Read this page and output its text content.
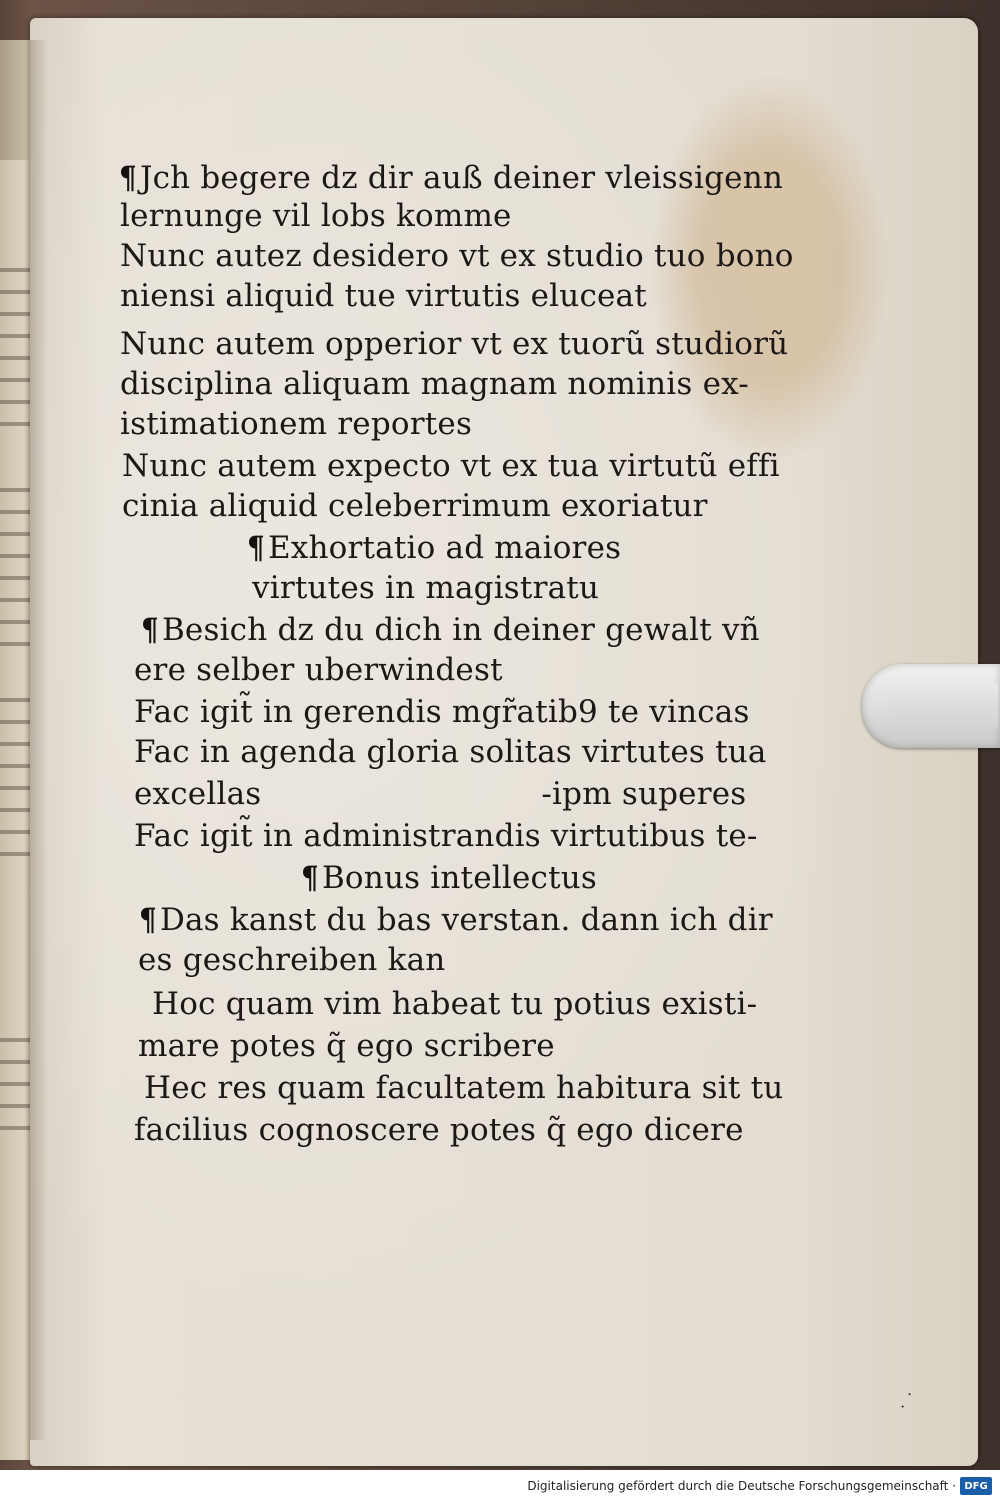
¶Jch begere dz dir auß deiner vleissigenn
lernunge vil lobs komme
Nunc autez desidero vt ex studio tuo bono
niensi aliquid tue virtutis eluceat
Nunc autem opperior vt ex tuorũ studiorũ
disciplina aliquam magnam nominis ex-
istimationem reportes
Nunc autem expecto vt ex tua virtutũ effi
cinia aliquid celeberrimum exoriatur
¶Exhortatio ad maiores
virtutes in magistratu
¶Besich dz du dich in deiner gewalt vñ
ere selber uberwindest
Fac igit̃ in gerendis mgr̃atib9 te vincas
Fac in agenda gloria solitas virtutes tua
excellas	-ipm superes
Fac igit̃ in administrandis virtutibus te-
¶Bonus intellectus
¶Das kanst du bas verstan. dann ich dir
es geschreiben kan
Hoc quam vim habeat tu potius existi-
mare potes q̃ ego scribere
Hec res quam facultatem habitura sit tu
facilius cognoscere potes q̃ ego dicere
· ·
Digitalisierung gefördert durch die Deutsche Forschungsgemeinschaft · DFG
